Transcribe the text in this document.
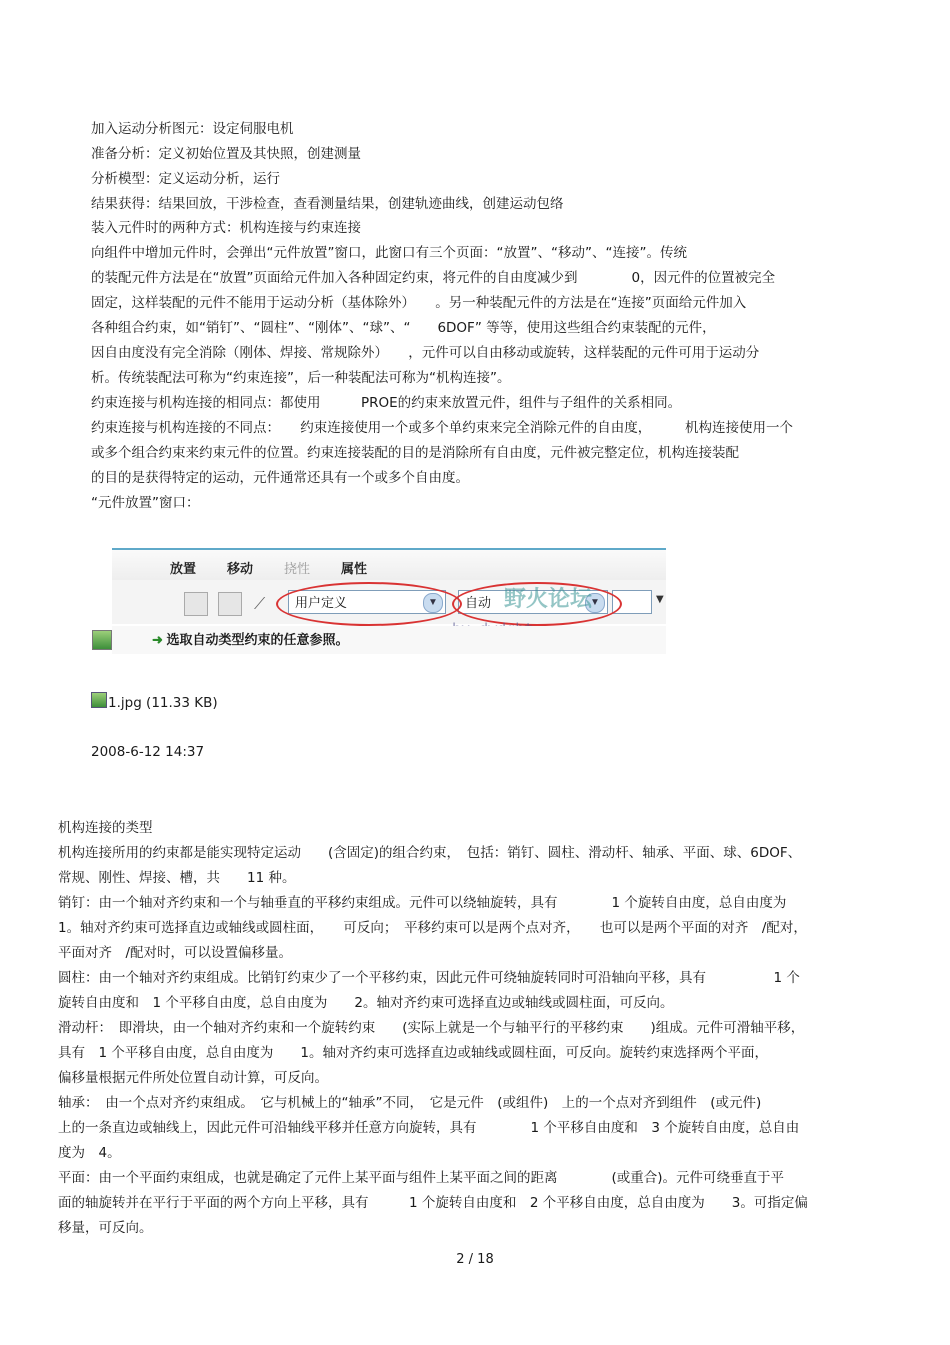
加入运动分析图元：设定伺服电机
准备分析：定义初始位置及其快照，创建测量
分析模型：定义运动分析，运行
结果获得：结果回放，干涉检查，查看测量结果，创建轨迹曲线，创建运动包络
装入元件时的两种方式：机构连接与约束连接
向组件中增加元件时，会弹出“元件放置”窗口，此窗口有三个页面：“放置”、“移动”、“连接”。传统
的装配元件方法是在“放置”页面给元件加入各种固定约束，将元件的自由度减少到　　　　0，因元件的位置被完全
固定，这样装配的元件不能用于运动分析（基体除外）　　。另一种装配元件的方法是在“连接”页面给元件加入
各种组合约束，如“销钉”、“圆柱”、“刚体”、“球”、“　　6DOF” 等等，使用这些组合约束装配的元件，
因自由度没有完全消除（刚体、焊接、常规除外）　　，元件可以自由移动或旋转，这样装配的元件可用于运动分
析。传统装配法可称为“约束连接”，后一种装配法可称为“机构连接”。
约束连接与机构连接的相同点：都使用　　　PROE的约束来放置元件，组件与子组件的关系相同。
约束连接与机构连接的不同点：　　约束连接使用一个或多个单约束来完全消除元件的自由度，　　　机构连接使用一个
或多个组合约束来约束元件的位置。约束连接装配的目的是消除所有自由度，元件被完整定位，机构连接装配
的目的是获得特定的运动，元件通常还具有一个或多个自由度。
“元件放置”窗口：
放置 移动 挠性 属性
⟋	用户定义	▼	自动	▼	▼
野火论坛
➜ 选取自动类型约束的任意参照。
1.jpg (11.33 KB)
2008-6-12 14:37
机构连接的类型
机构连接所用的约束都是能实现特定运动　　(含固定)的组合约束，　包括：销钉、圆柱、滑动杆、轴承、平面、球、6DOF、
常规、刚性、焊接、槽，共　　11 种。
销钉：由一个轴对齐约束和一个与轴垂直的平移约束组成。元件可以绕轴旋转，具有　　　　1 个旋转自由度，总自由度为
1。轴对齐约束可选择直边或轴线或圆柱面，　　可反向；　平移约束可以是两个点对齐，　　也可以是两个平面的对齐　/配对，
平面对齐　/配对时，可以设置偏移量。
圆柱：由一个轴对齐约束组成。比销钉约束少了一个平移约束，因此元件可绕轴旋转同时可沿轴向平移，具有　　　　　1 个
旋转自由度和　1 个平移自由度，总自由度为　　2。轴对齐约束可选择直边或轴线或圆柱面，可反向。
滑动杆：　即滑块，由一个轴对齐约束和一个旋转约束　　(实际上就是一个与轴平行的平移约束　　)组成。元件可滑轴平移，
具有　1 个平移自由度，总自由度为　　1。轴对齐约束可选择直边或轴线或圆柱面，可反向。旋转约束选择两个平面，
偏移量根据元件所处位置自动计算，可反向。
轴承：　由一个点对齐约束组成。　它与机械上的“轴承”不同，　它是元件　(或组件)　上的一个点对齐到组件　(或元件)
上的一条直边或轴线上，因此元件可沿轴线平移并任意方向旋转，具有　　　　1 个平移自由度和　3 个旋转自由度，总自由
度为　4。
平面：由一个平面约束组成，也就是确定了元件上某平面与组件上某平面之间的距离　　　　(或重合)。元件可绕垂直于平
面的轴旋转并在平行于平面的两个方向上平移，具有　　　1 个旋转自由度和　2 个平移自由度，总自由度为　　3。可指定偏
移量，可反向。
2 / 18
